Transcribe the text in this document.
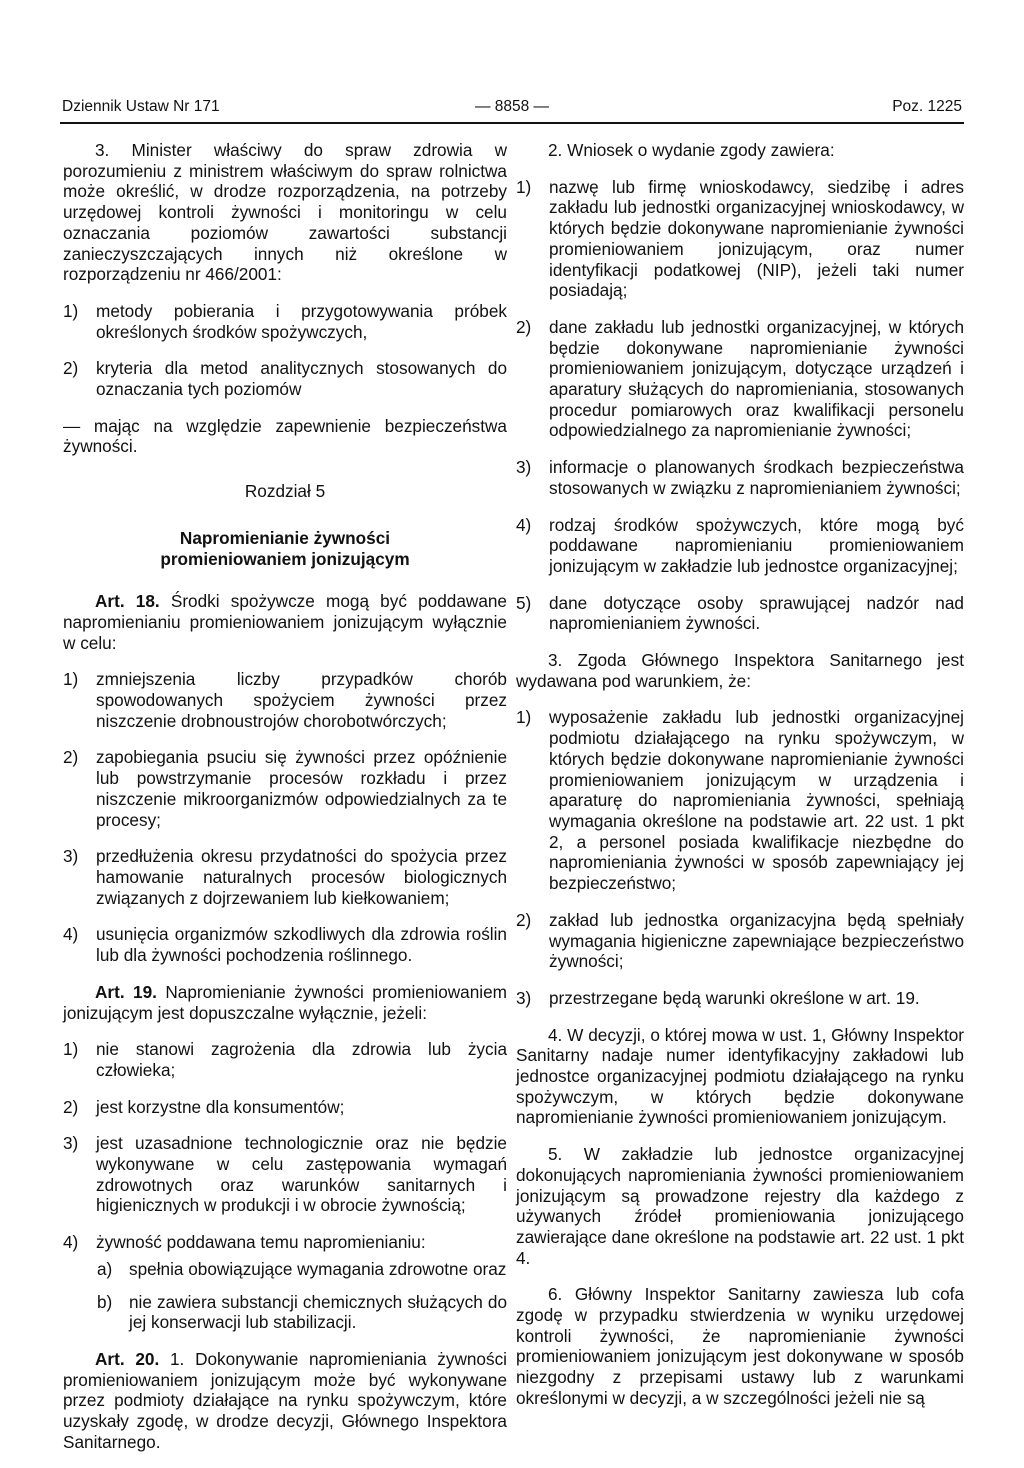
Dziennik Ustaw Nr 171	— 8858 —	Poz. 1225

3. Minister właściwy do spraw zdrowia w porozumieniu z ministrem właściwym do spraw rolnictwa może określić, w drodze rozporządzenia, na potrzeby urzędowej kontroli żywności i monitoringu w celu oznaczania poziomów zawartości substancji zanieczyszczających innych niż określone w rozporządzeniu nr 466/2001:

1) metody pobierania i przygotowywania próbek określonych środków spożywczych,
2) kryteria dla metod analitycznych stosowanych do oznaczania tych poziomów

— mając na względzie zapewnienie bezpieczeństwa żywności.

Rozdział 5
Napromienianie żywności
promieniowaniem jonizującym

Art. 18. Środki spożywcze mogą być poddawane napromienianiu promieniowaniem jonizującym wyłącznie w celu:

1) zmniejszenia liczby przypadków chorób spowodowanych spożyciem żywności przez niszczenie drobnoustrojów chorobotwórczych;
2) zapobiegania psuciu się żywności przez opóźnienie lub powstrzymanie procesów rozkładu i przez niszczenie mikroorganizmów odpowiedzialnych za te procesy;
3) przedłużenia okresu przydatności do spożycia przez hamowanie naturalnych procesów biologicznych związanych z dojrzewaniem lub kiełkowaniem;
4) usunięcia organizmów szkodliwych dla zdrowia roślin lub dla żywności pochodzenia roślinnego.

Art. 19. Napromienianie żywności promieniowaniem jonizującym jest dopuszczalne wyłącznie, jeżeli:

1) nie stanowi zagrożenia dla zdrowia lub życia człowieka;
2) jest korzystne dla konsumentów;
3) jest uzasadnione technologicznie oraz nie będzie wykonywane w celu zastępowania wymagań zdrowotnych oraz warunków sanitarnych i higienicznych w produkcji i w obrocie żywnością;
4) żywność poddawana temu napromienianiu:
a) spełnia obowiązujące wymagania zdrowotne oraz
b) nie zawiera substancji chemicznych służących do jej konserwacji lub stabilizacji.

Art. 20. 1. Dokonywanie napromieniania żywności promieniowaniem jonizującym może być wykonywane przez podmioty działające na rynku spożywczym, które uzyskały zgodę, w drodze decyzji, Głównego Inspektora Sanitarnego.

2. Wniosek o wydanie zgody zawiera:

1) nazwę lub firmę wnioskodawcy, siedzibę i adres zakładu lub jednostki organizacyjnej wnioskodawcy, w których będzie dokonywane napromienianie żywności promieniowaniem jonizującym, oraz numer identyfikacji podatkowej (NIP), jeżeli taki numer posiadają;
2) dane zakładu lub jednostki organizacyjnej, w których będzie dokonywane napromienianie żywności promieniowaniem jonizującym, dotyczące urządzeń i aparatury służących do napromieniania, stosowanych procedur pomiarowych oraz kwalifikacji personelu odpowiedzialnego za napromienianie żywności;
3) informacje o planowanych środkach bezpieczeństwa stosowanych w związku z napromienianiem żywności;
4) rodzaj środków spożywczych, które mogą być poddawane napromienianiu promieniowaniem jonizującym w zakładzie lub jednostce organizacyjnej;
5) dane dotyczące osoby sprawującej nadzór nad napromienianiem żywności.

3. Zgoda Głównego Inspektora Sanitarnego jest wydawana pod warunkiem, że:

1) wyposażenie zakładu lub jednostki organizacyjnej podmiotu działającego na rynku spożywczym, w których będzie dokonywane napromienianie żywności promieniowaniem jonizującym w urządzenia i aparaturę do napromieniania żywności, spełniają wymagania określone na podstawie art. 22 ust. 1 pkt 2, a personel posiada kwalifikacje niezbędne do napromieniania żywności w sposób zapewniający jej bezpieczeństwo;
2) zakład lub jednostka organizacyjna będą spełniały wymagania higieniczne zapewniające bezpieczeństwo żywności;
3) przestrzegane będą warunki określone w art. 19.

4. W decyzji, o której mowa w ust. 1, Główny Inspektor Sanitarny nadaje numer identyfikacyjny zakładowi lub jednostce organizacyjnej podmiotu działającego na rynku spożywczym, w których będzie dokonywane napromienianie żywności promieniowaniem jonizującym.

5. W zakładzie lub jednostce organizacyjnej dokonujących napromieniania żywności promieniowaniem jonizującym są prowadzone rejestry dla każdego z używanych źródeł promieniowania jonizującego zawierające dane określone na podstawie art. 22 ust. 1 pkt 4.

6. Główny Inspektor Sanitarny zawiesza lub cofa zgodę w przypadku stwierdzenia w wyniku urzędowej kontroli żywności, że napromienianie żywności promieniowaniem jonizującym jest dokonywane w sposób niezgodny z przepisami ustawy lub z warunkami określonymi w decyzji, a w szczególności jeżeli nie są
